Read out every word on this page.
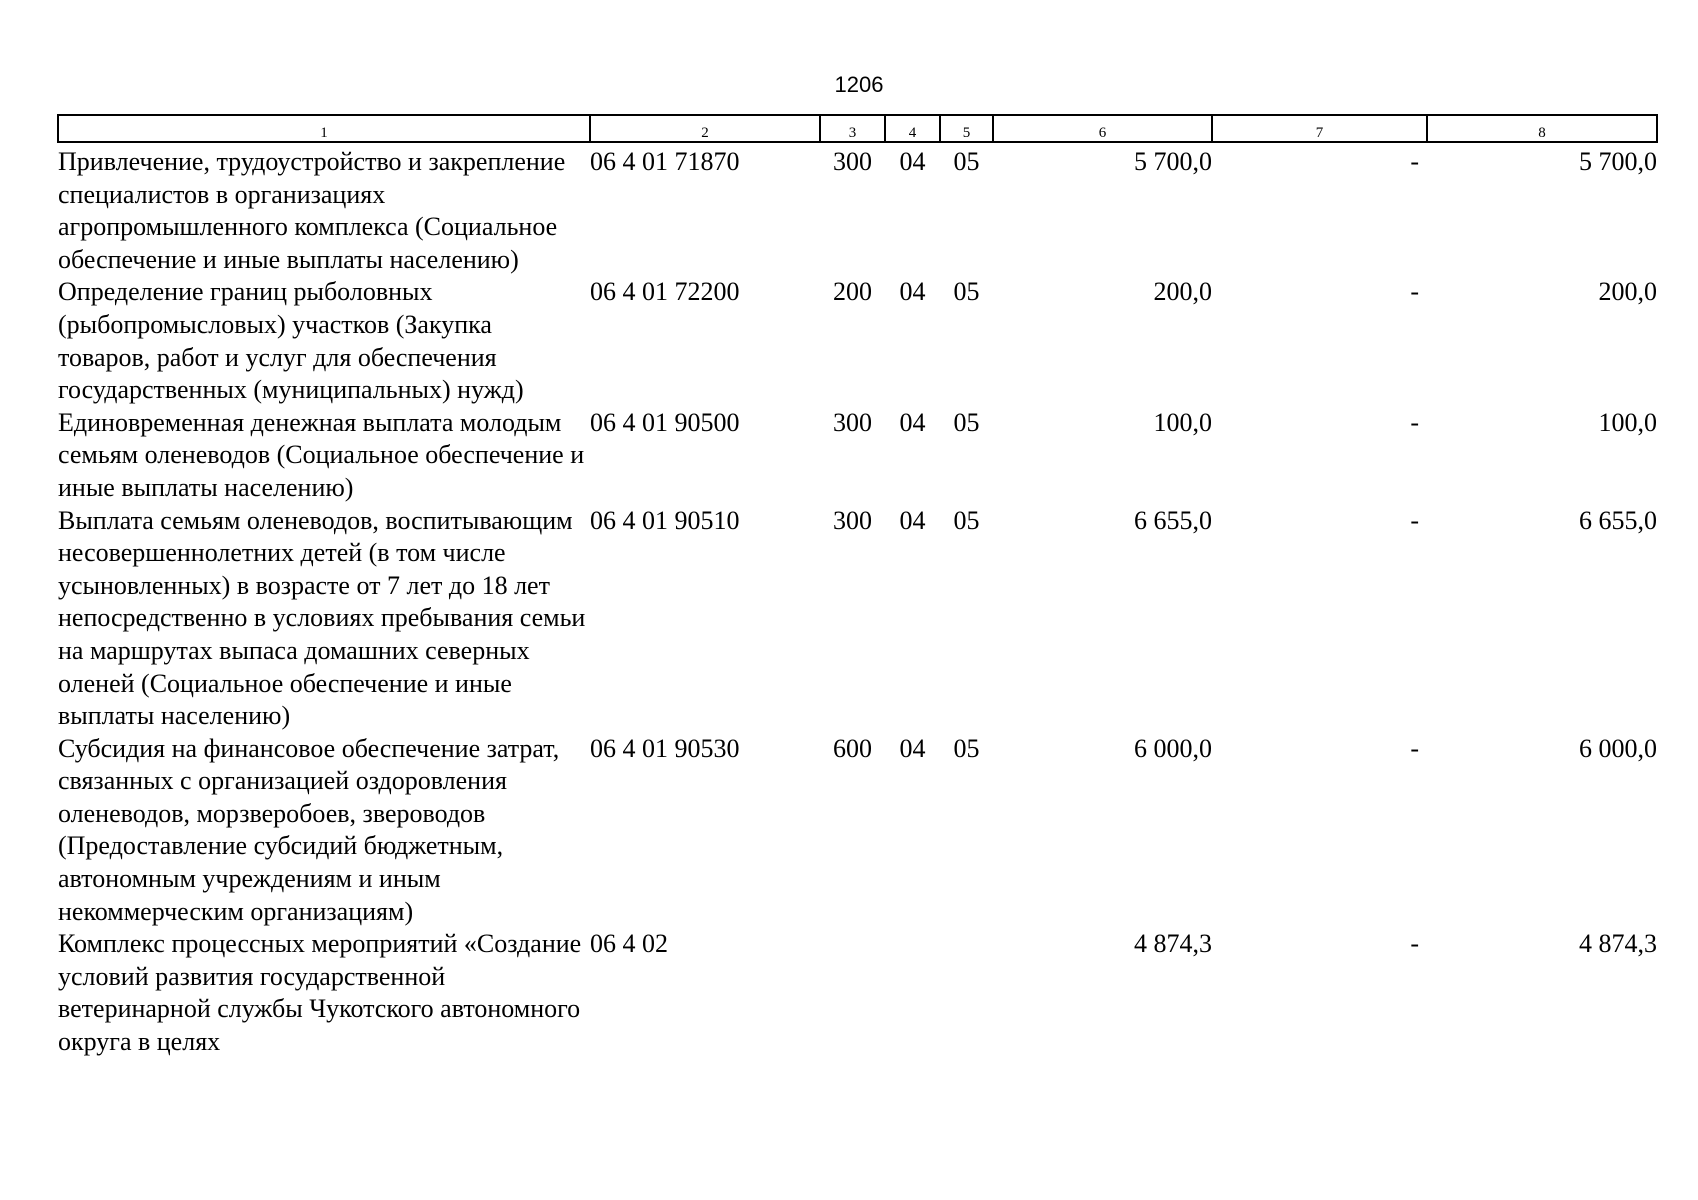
1206
1	2	3	4	5	6	7	8
Привлечение, трудоустройство и закрепление специалистов в организациях агропромышленного комплекса (Социальное обеспечение и иные выплаты населению)	06 4 01 71870	300	04	05	5 700,0	-	5 700,0
Определение границ рыболовных (рыбопромысловых) участков (Закупка товаров, работ и услуг для обеспечения государственных (муниципальных) нужд)	06 4 01 72200	200	04	05	200,0	-	200,0
Единовременная денежная выплата молодым семьям оленеводов (Социальное обеспечение и иные выплаты населению)	06 4 01 90500	300	04	05	100,0	-	100,0
Выплата семьям оленеводов, воспитывающим несовершеннолетних детей (в том числе усыновленных) в возрасте от 7 лет до 18 лет непосредственно в условиях пребывания семьи на маршрутах выпаса домашних северных оленей (Социальное обеспечение и иные выплаты населению)	06 4 01 90510	300	04	05	6 655,0	-	6 655,0
Субсидия на финансовое обеспечение затрат, связанных с организацией оздоровления оленеводов, морзверобоев, звероводов (Предоставление субсидий бюджетным, автономным учреждениям и иным некоммерческим организациям)	06 4 01 90530	600	04	05	6 000,0	-	6 000,0
Комплекс процессных мероприятий «Создание условий развития государственной ветеринарной службы Чукотского автономного округа в целях	06 4 02				4 874,3	-	4 874,3
